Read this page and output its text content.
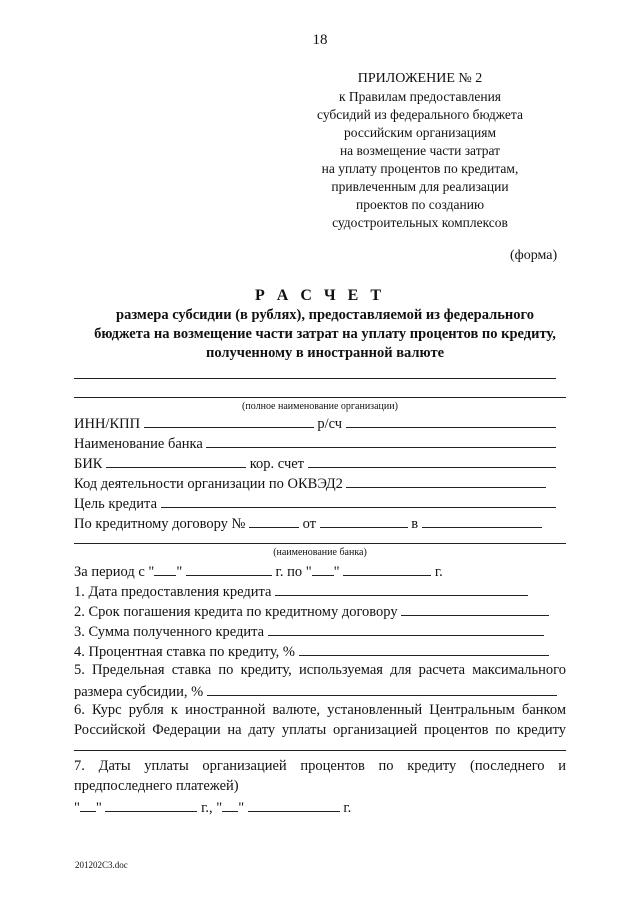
18
ПРИЛОЖЕНИЕ № 2
к Правилам предоставления
субсидий из федерального бюджета
российским организациям
на возмещение части затрат
на уплату процентов по кредитам,
привлеченным для реализации
проектов по созданию
судостроительных комплексов
(форма)
Р А С Ч Е Т
размера субсидии (в рублях), предоставляемой из федерального
бюджета на возмещение части затрат на уплату процентов по кредиту,
полученному в иностранной валюте
(полное наименование организации)
ИНН/КПП	р/сч
Наименование банка
БИК	кор. счет
Код деятельности организации по ОКВЭД2
Цель кредита
По кредитному договору №	от	в
(наименование банка)
За период с " "	г. по " "	г.
1. Дата предоставления кредита
2. Срок погашения кредита по кредитному договору
3. Сумма полученного кредита
4. Процентная ставка по кредиту, %
5. Предельная ставка по кредиту, используемая для расчета максимального
размера субсидии, %
6. Курс рубля к иностранной валюте, установленный Центральным банком
Российской Федерации на дату уплаты организацией процентов по кредиту
7. Даты уплаты организацией процентов по кредиту (последнего и
предпоследнего платежей)
" "	г., " "	г.
201202C3.doc
